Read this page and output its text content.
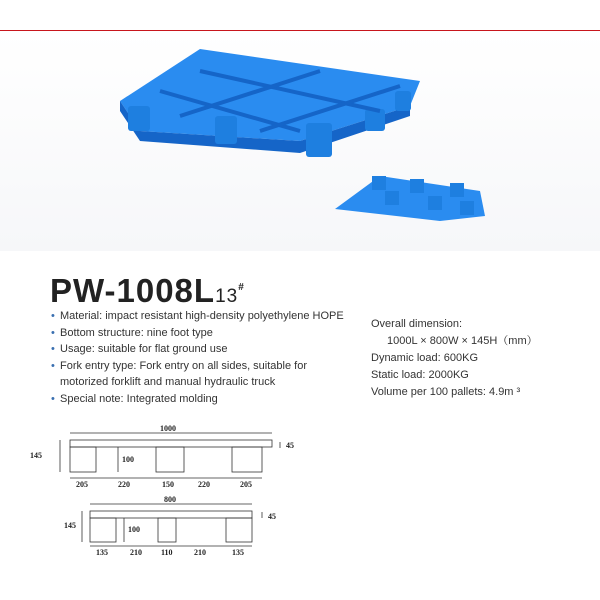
PW-1008L13#
• Material: impact resistant high-density polyethylene HOPE
• Bottom structure: nine foot type
• Usage: suitable for flat ground use
• Fork entry type: Fork entry on all sides, suitable for motorized forklift and manual hydraulic truck
• Special note: Integrated molding
Overall dimension:
1000L × 800W × 145H（mm）
Dynamic load: 600KG
Static load: 2000KG
Volume per 100 pallets: 4.9m ³
1000
145	100
45
205	220	150	220	205
800
145	100
45
135	210 110	210	135
